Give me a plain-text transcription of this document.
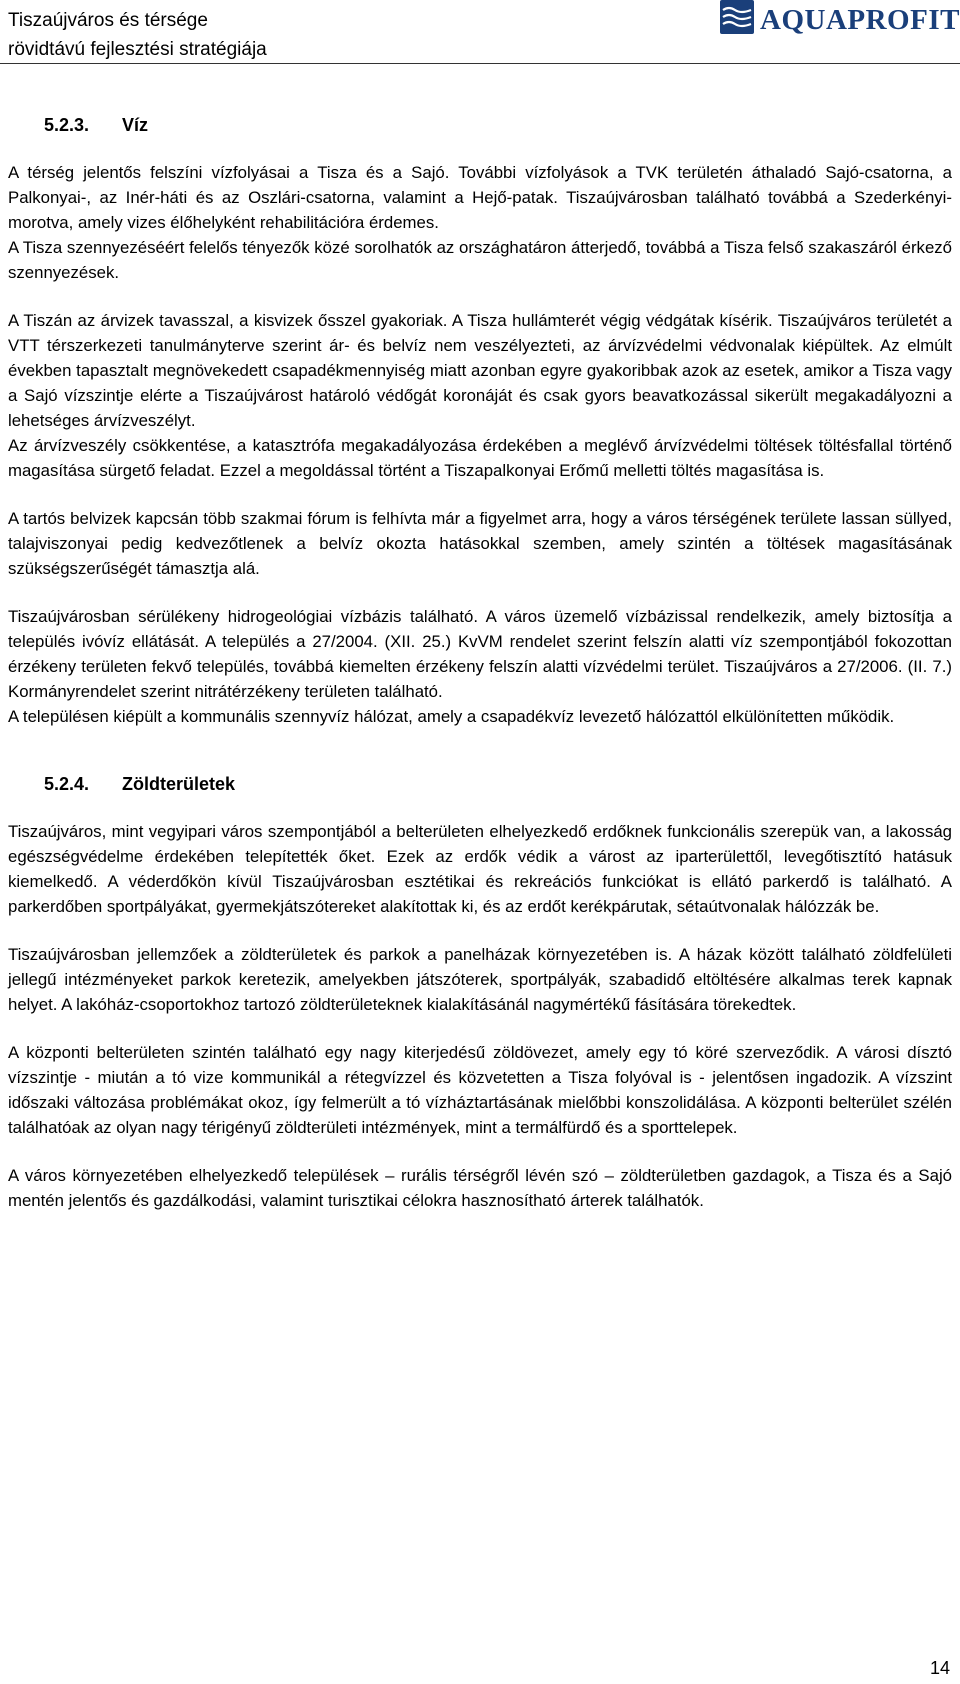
Tiszaújváros és térsége
rövidtávú fejlesztési stratégiája
AQUAPROFIT
5.2.3. Víz

A térség jelentős felszíni vízfolyásai a Tisza és a Sajó. További vízfolyások a TVK területén áthaladó Sajó-csatorna, a Palkonyai-, az Inér-háti és az Oszlári-csatorna, valamint a Hejő-patak. Tiszaújvárosban található továbbá a Szederkényi-morotva, amely vizes élőhelyként rehabilitációra érdemes.

A Tisza szennyezéséért felelős tényezők közé sorolhatók az országhatáron átterjedő, továbbá a Tisza felső szakaszáról érkező szennyezések.

A Tiszán az árvizek tavasszal, a kisvizek ősszel gyakoriak. A Tisza hullámterét végig védgátak kísérik. Tiszaújváros területét a VTT térszerkezeti tanulmányterve szerint ár- és belvíz nem veszélyezteti, az árvízvédelmi védvonalak kiépültek. Az elmúlt években tapasztalt megnövekedett csapadékmennyiség miatt azonban egyre gyakoribbak azok az esetek, amikor a Tisza vagy a Sajó vízszintje elérte a Tiszaújvárost határoló védőgát koronáját és csak gyors beavatkozással sikerült megakadályozni a lehetséges árvízveszélyt.

Az árvízveszély csökkentése, a katasztrófa megakadályozása érdekében a meglévő árvízvédelmi töltések töltésfallal történő magasítása sürgető feladat. Ezzel a megoldással történt a Tiszapalkonyai Erőmű melletti töltés magasítása is.

A tartós belvizek kapcsán több szakmai fórum is felhívta már a figyelmet arra, hogy a város térségének területe lassan süllyed, talajviszonyai pedig kedvezőtlenek a belvíz okozta hatásokkal szemben, amely szintén a töltések magasításának szükségszerűségét támasztja alá.

Tiszaújvárosban sérülékeny hidrogeológiai vízbázis található. A város üzemelő vízbázissal rendelkezik, amely biztosítja a település ivóvíz ellátását. A település a 27/2004. (XII. 25.) KvVM rendelet szerint felszín alatti víz szempontjából fokozottan érzékeny területen fekvő település, továbbá kiemelten érzékeny felszín alatti vízvédelmi terület. Tiszaújváros a 27/2006. (II. 7.) Kormányrendelet szerint nitrátérzékeny területen található.

A településen kiépült a kommunális szennyvíz hálózat, amely a csapadékvíz levezető hálózattól elkülönítetten működik.

5.2.4. Zöldterületek

Tiszaújváros, mint vegyipari város szempontjából a belterületen elhelyezkedő erdőknek funkcionális szerepük van, a lakosság egészségvédelme érdekében telepítették őket. Ezek az erdők védik a várost az iparterülettől, levegőtisztító hatásuk kiemelkedő. A véderdőkön kívül Tiszaújvárosban esztétikai és rekreációs funkciókat is ellátó parkerdő is található. A parkerdőben sportpályákat, gyermekjátszótereket alakítottak ki, és az erdőt kerékpárutak, sétaútvonalak hálózzák be.

Tiszaújvárosban jellemzőek a zöldterületek és parkok a panelházak környezetében is. A házak között található zöldfelületi jellegű intézményeket parkok keretezik, amelyekben játszóterek, sportpályák, szabadidő eltöltésére alkalmas terek kapnak helyet. A lakóház-csoportokhoz tartozó zöldterületeknek kialakításánál nagymértékű fásítására törekedtek.

A központi belterületen szintén található egy nagy kiterjedésű zöldövezet, amely egy tó köré szerveződik. A városi dísztó vízszintje - miután a tó vize kommunikál a rétegvízzel és közvetetten a Tisza folyóval is - jelentősen ingadozik. A vízszint időszaki változása problémákat okoz, így felmerült a tó vízháztartásának mielőbbi konszolidálása. A központi belterület szélén találhatóak az olyan nagy térigényű zöldterületi intézmények, mint a termálfürdő és a sporttelepek.

A város környezetében elhelyezkedő települések – rurális térségről lévén szó – zöldterületben gazdagok, a Tisza és a Sajó mentén jelentős és gazdálkodási, valamint turisztikai célokra hasznosítható árterek találhatók.

14
